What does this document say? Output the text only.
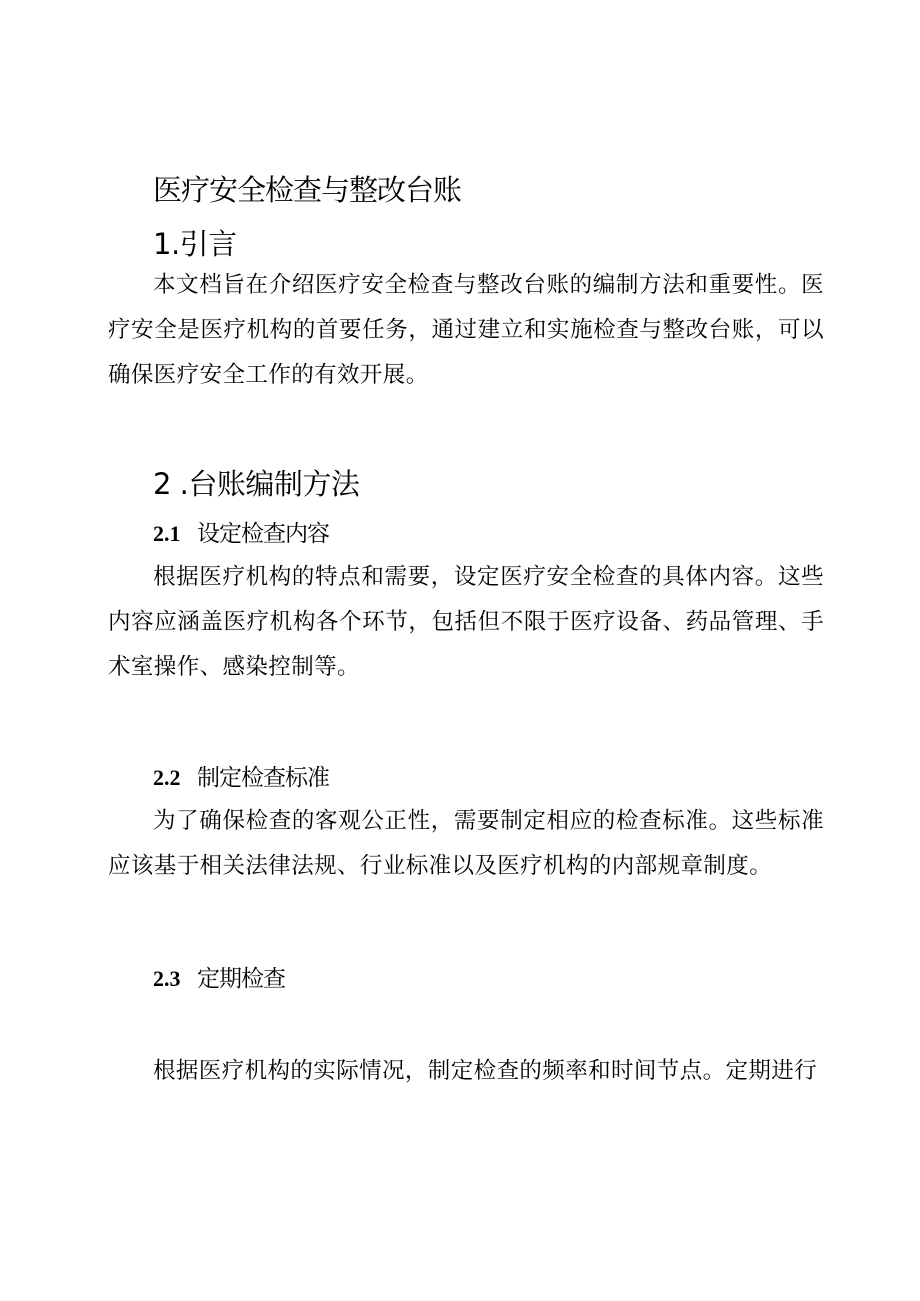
医疗安全检查与整改台账
1.引言

本文档旨在介绍医疗安全检查与整改台账的编制方法和重要性。医疗安全是医疗机构的首要任务，通过建立和实施检查与整改台账，可以确保医疗安全工作的有效开展。

2 .台账编制方法
2.1 设定检查内容

根据医疗机构的特点和需要，设定医疗安全检查的具体内容。这些内容应涵盖医疗机构各个环节，包括但不限于医疗设备、药品管理、手术室操作、感染控制等。

2.2 制定检查标准

为了确保检查的客观公正性，需要制定相应的检查标准。这些标准应该基于相关法律法规、行业标准以及医疗机构的内部规章制度。

2.3 定期检查

根据医疗机构的实际情况，制定检查的频率和时间节点。定期进行
